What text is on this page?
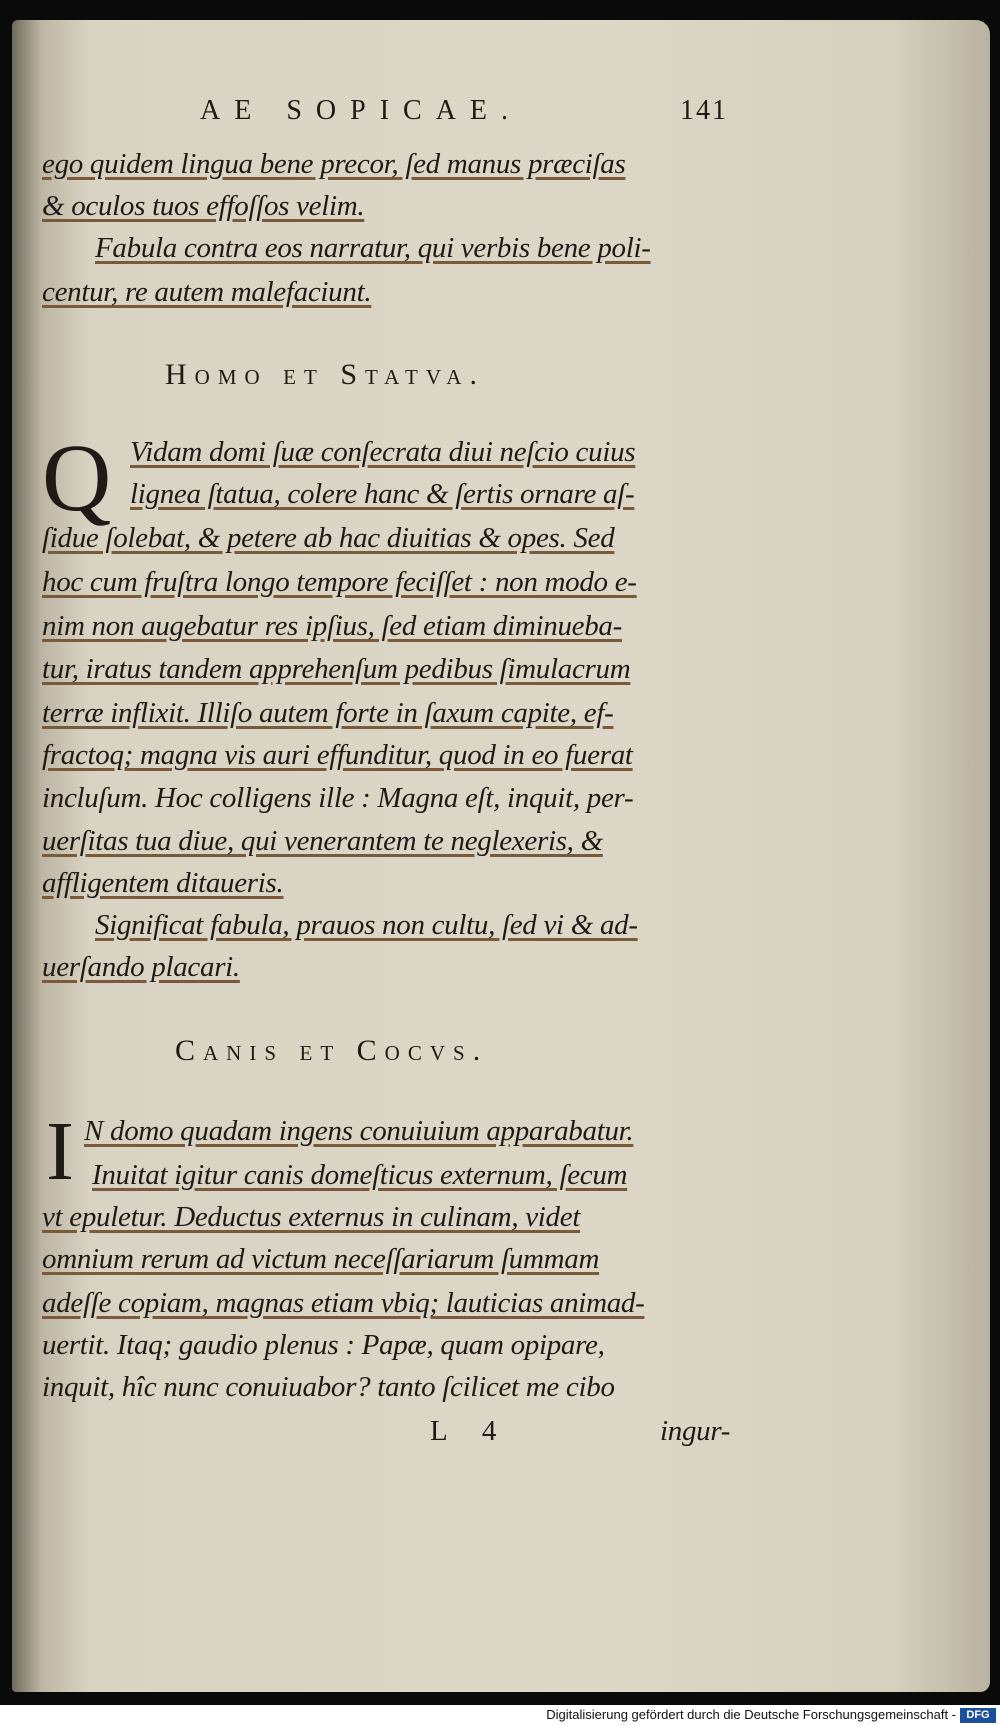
AE SOPICAE.	141
ego quidem lingua bene precor, ſed manus præciſas
& oculos tuos effoſſos velim.
Fabula contra eos narratur, qui verbis bene poli-
centur, re autem malefaciunt.
Homo et Statva.
Q Vidam domi ſuæ conſecrata diui neſcio cuius
lignea ſtatua, colere hanc & ſertis ornare aſ-
ſidue ſolebat, & petere ab hac diuitias & opes. Sed
hoc cum fruſtra longo tempore feciſſet : non modo e-
nim non augebatur res ipſius, ſed etiam diminueba-
tur, iratus tandem apprehenſum pedibus ſimulacrum
terræ inflixit. Illiſo autem forte in ſaxum capite, ef-
fractoq; magna vis auri effunditur, quod in eo fuerat
incluſum. Hoc colligens ille : Magna eſt, inquit, per-
uerſitas tua diue, qui venerantem te neglexeris, &
affligentem ditaueris.
Significat fabula, prauos non cultu, ſed vi & ad-
uerſando placari.
Canis et Cocvs.
I N domo quadam ingens conuiuium apparabatur.
Inuitat igitur canis domeſticus externum, ſecum
vt epuletur. Deductus externus in culinam, videt
omnium rerum ad victum neceſſariarum ſummam
adeſſe copiam, magnas etiam vbiq; lauticias animad-
uertit. Itaq; gaudio plenus : Papæ, quam opipare,
inquit, hîc nunc conuiuabor? tanto ſcilicet me cibo
L 4	ingur-
Digitalisierung gefördert durch die Deutsche Forschungsgemeinschaft - DFG
